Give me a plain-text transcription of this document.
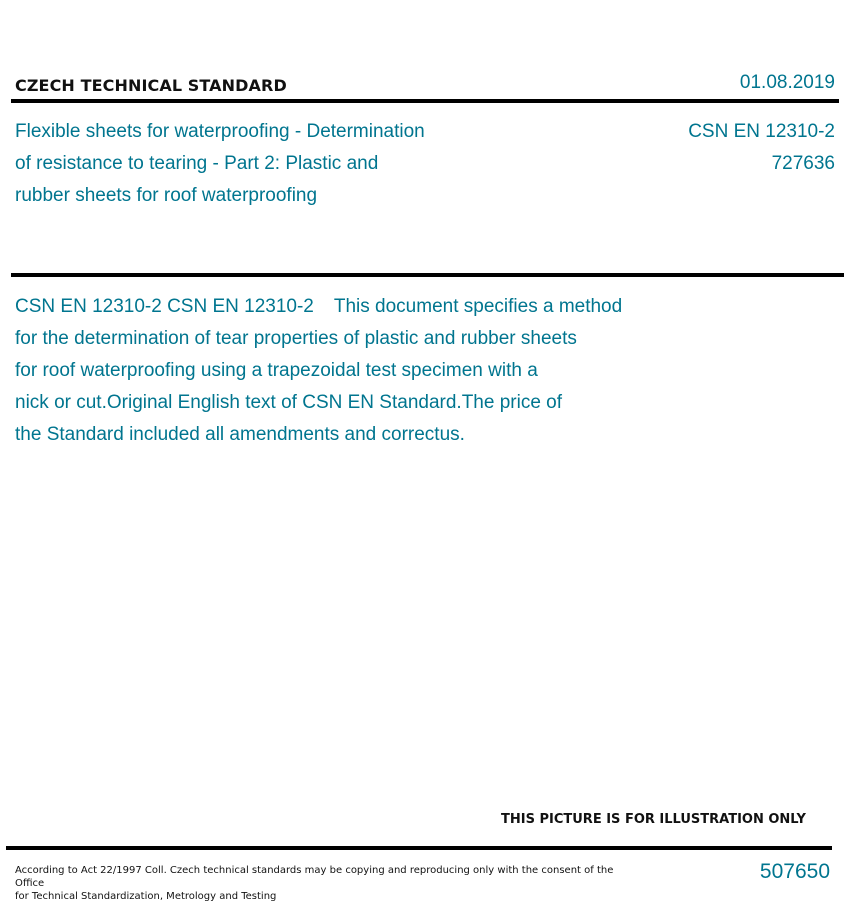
CZECH TECHNICAL STANDARD	01.08.2019
Flexible sheets for waterproofing - Determination
of resistance to tearing - Part 2: Plastic and
rubber sheets for roof waterproofing
CSN EN 12310-2
727636
CSN EN 12310-2 CSN EN 12310-2 This document specifies a method
for the determination of tear properties of plastic and rubber sheets
for roof waterproofing using a trapezoidal test specimen with a
nick or cut.Original English text of CSN EN Standard.The price of
the Standard included all amendments and correctus.
THIS PICTURE IS FOR ILLUSTRATION ONLY
According to Act 22/1997 Coll. Czech technical standards may be copying and reproducing only with the consent of the Office
for Technical Standardization, Metrology and Testing
507650
